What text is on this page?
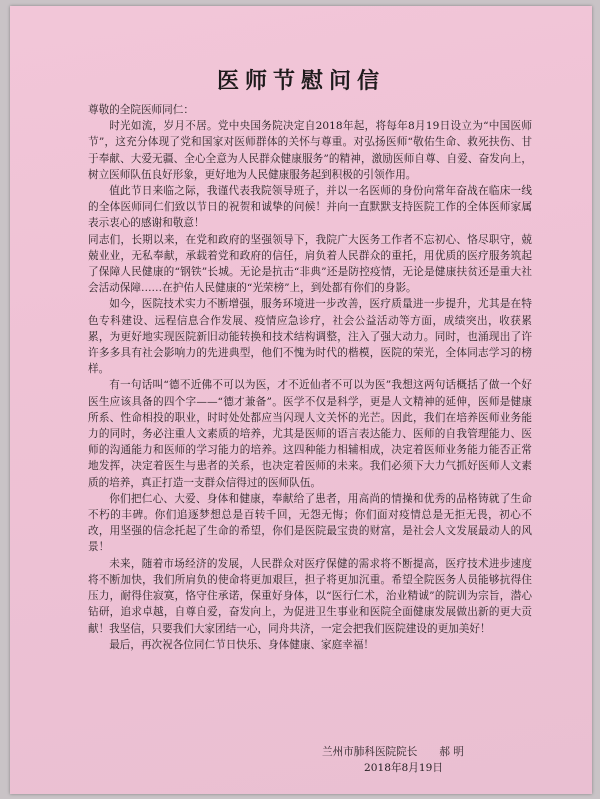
医师节慰问信

尊敬的全院医师同仁：

时光如流，岁月不居。党中央国务院决定自2018年起，将每年8月19日设立为“中国医师节”，这充分体现了党和国家对医师群体的关怀与尊重。对弘扬医师“敬佑生命、救死扶伤、甘于奉献、大爱无疆、全心全意为人民群众健康服务”的精神，激励医师自尊、自爱、奋发向上，树立医师队伍良好形象，更好地为人民健康服务起到积极的引领作用。

值此节日来临之际，我谨代表我院领导班子，并以一名医师的身份向常年奋战在临床一线的全体医师同仁们致以节日的祝贺和诚挚的问候！并向一直默默支持医院工作的全体医师家属表示衷心的感谢和敬意！

同志们，长期以来，在党和政府的坚强领导下，我院广大医务工作者不忘初心、恪尽职守，兢兢业业，无私奉献，承载着党和政府的信任，肩负着人民群众的重托，用优质的医疗服务筑起了保障人民健康的“钢铁”长城。无论是抗击“非典”还是防控疫情，无论是健康扶贫还是重大社会活动保障……在护佑人民健康的“光荣榜”上，到处都有你们的身影。

如今，医院技术实力不断增强，服务环境进一步改善，医疗质量进一步提升，尤其是在特色专科建设、远程信息合作发展、疫情应急诊疗，社会公益活动等方面，成绩突出，收获累累，为更好地实现医院新旧动能转换和技术结构调整，注入了强大动力。同时，也涌现出了许许多多具有社会影响力的先进典型，他们不愧为时代的楷模，医院的荣光，全体同志学习的榜样。

有一句话叫“德不近佛不可以为医，才不近仙者不可以为医”我想这两句话概括了做一个好医生应该具备的四个字——“德才兼备”。医学不仅是科学，更是人文精神的延伸，医师是健康所系、性命相投的职业，时时处处都应当闪现人文关怀的光芒。因此，我们在培养医师业务能力的同时，务必注重人文素质的培养，尤其是医师的语言表达能力、医师的自我管理能力、医师的沟通能力和医师的学习能力的培养。这四种能力相辅相成，决定着医师业务能力能否正常地发挥，决定着医生与患者的关系，也决定着医师的未来。我们必须下大力气抓好医师人文素质的培养，真正打造一支群众信得过的医师队伍。

你们把仁心、大爱、身体和健康，奉献给了患者，用高尚的情操和优秀的品格铸就了生命不朽的丰碑。你们追逐梦想总是百转千回，无怨无悔；你们面对疫情总是无拒无畏，初心不改，用坚强的信念托起了生命的希望，你们是医院最宝贵的财富，是社会人文发展最动人的风景！

未来，随着市场经济的发展，人民群众对医疗保健的需求将不断提高，医疗技术进步速度将不断加快，我们所肩负的使命将更加艰巨，担子将更加沉重。希望全院医务人员能够抗得住压力，耐得住寂寞，恪守住承诺，保重好身体，以“医行仁术，治业精诚”的院训为宗旨，潜心钻研，追求卓越，自尊自爱，奋发向上，为促进卫生事业和医院全面健康发展做出新的更大贡献！我坚信，只要我们大家团结一心，同舟共济，一定会把我们医院建设的更加美好！

最后，再次祝各位同仁节日快乐、身体健康、家庭幸福！

兰州市肺科医院院长 郝 明
2018年8月19日
